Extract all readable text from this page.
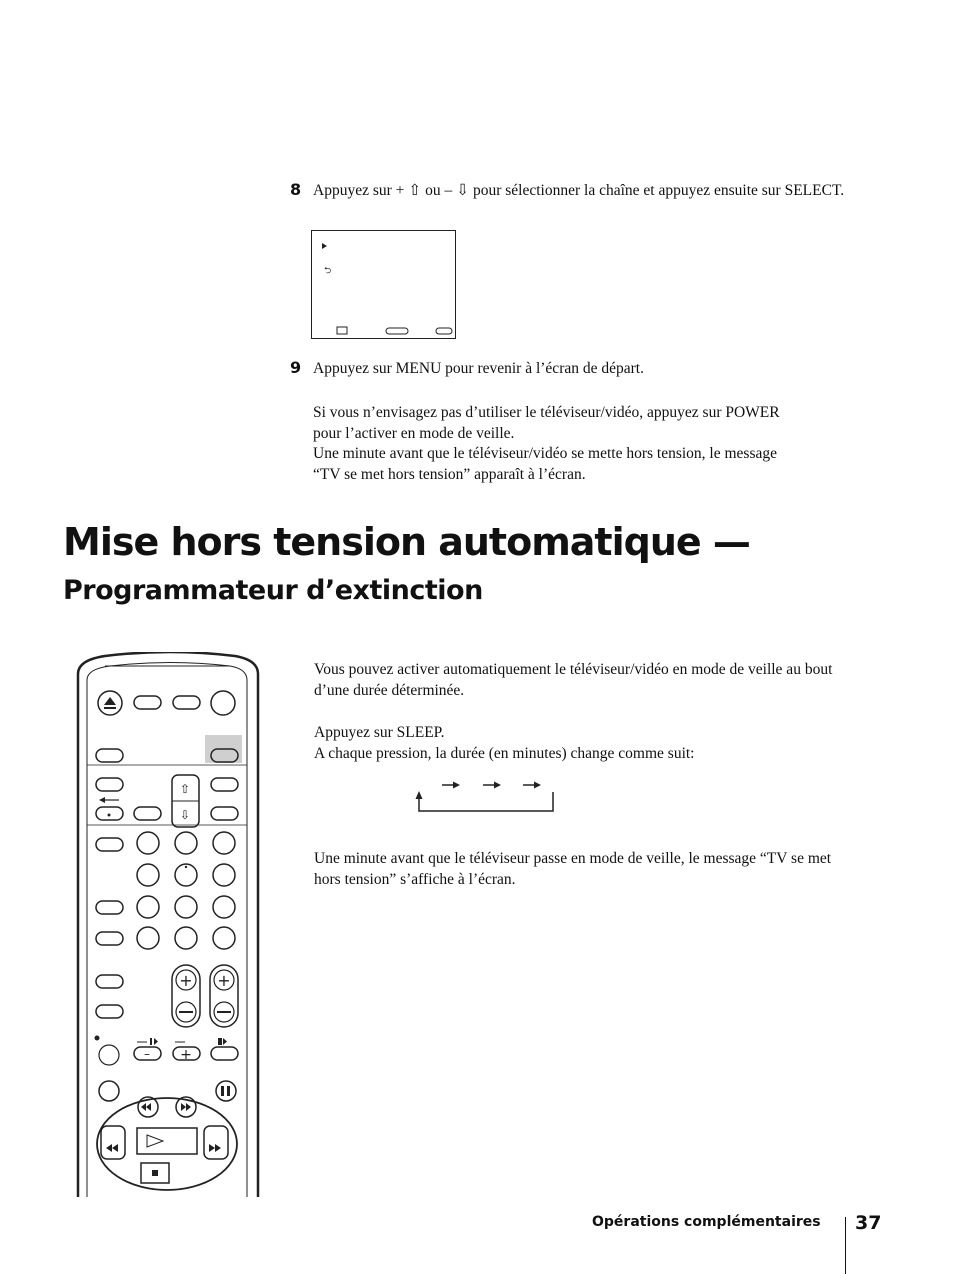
8 Appuyez sur + ⇧ ou – ⇩ pour sélectionner la chaîne et appuyez ensuite sur SELECT.
⮌
9 Appuyez sur MENU pour revenir à l’écran de départ.
Si vous n’envisagez pas d’utiliser le téléviseur/vidéo, appuyez sur POWER pour l’activer en mode de veille.
Une minute avant que le téléviseur/vidéo se mette hors tension, le message “TV se met hors tension” apparaît à l’écran.
Mise hors tension automatique —
Programmateur d’extinction
⇧
⇩
+ +
– +
Vous pouvez activer automatiquement le téléviseur/vidéo en mode de veille au bout d’une durée déterminée.
Appuyez sur SLEEP.
A chaque pression, la durée (en minutes) change comme suit:
Une minute avant que le téléviseur passe en mode de veille, le message “TV se met hors tension” s’affiche à l’écran.
Opérations complémentaires 37
